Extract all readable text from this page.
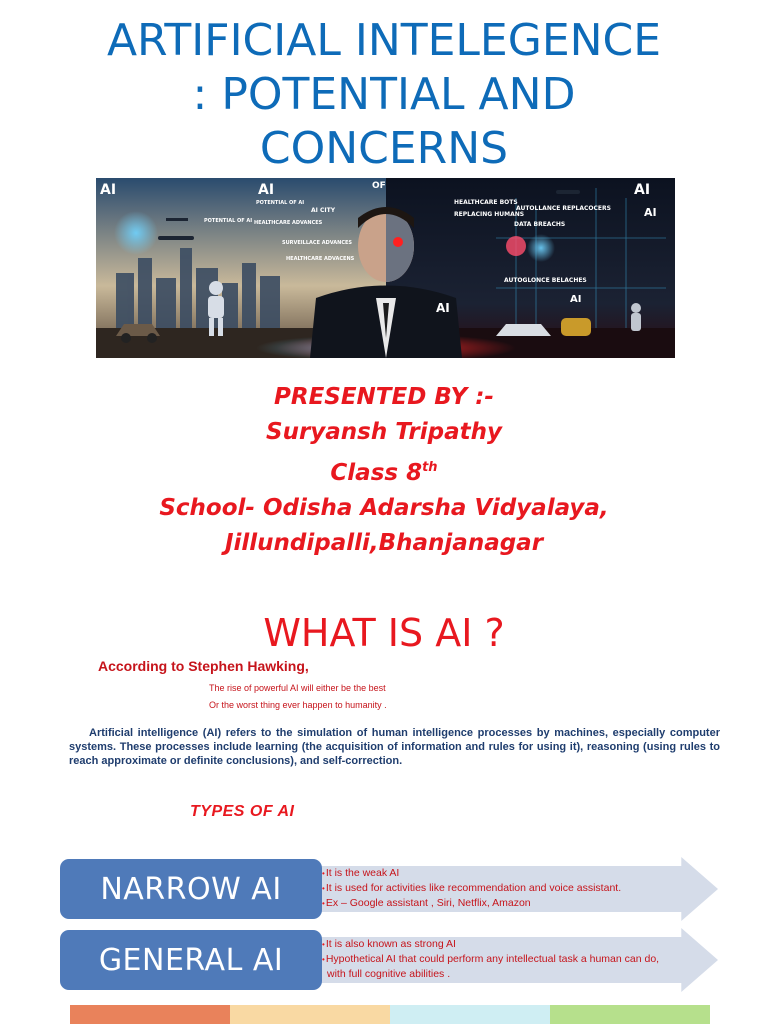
ARTIFICIAL INTELEGENCE
: POTENTIAL AND
CONCERNS
AI	AI	OF
POTENTIAL OF AI
AI CITY
POTENTIAL OF AI HEALTHCARE ADVANCES
SURVEILLACE ADVANCES
HEALTHCARE ADVACENS
AI
AI
HEALTHCARE BOTS
REPLACING HUMANS
AUTOLLANCE REPLACOCERS
DATA BREACHS
AUTOGLONCE BELACHES
AI
AI
PRESENTED BY :-
Suryansh Tripathy
Class 8th
School- Odisha Adarsha Vidyalaya,
Jillundipalli,Bhanjanagar
WHAT IS AI ?
According to Stephen Hawking,
The rise of powerful AI will either be the best
Or the worst thing ever happen to humanity .

Artificial intelligence (AI) refers to the simulation of human intelligence processes by machines, especially computer systems. These processes include learning (the acquisition of information and rules for using it), reasoning (using rules to reach approximate or definite conclusions), and self-correction.

TYPES OF AI
NARROW AI	• It is the weak AI
• It is used for activities like recommendation and voice assistant.
• Ex – Google assistant , Siri, Netflix, Amazon
GENERAL AI	• It is also known as strong AI
• Hypothetical AI that could perform any intellectual task a human can do,
with full cognitive abilities .
